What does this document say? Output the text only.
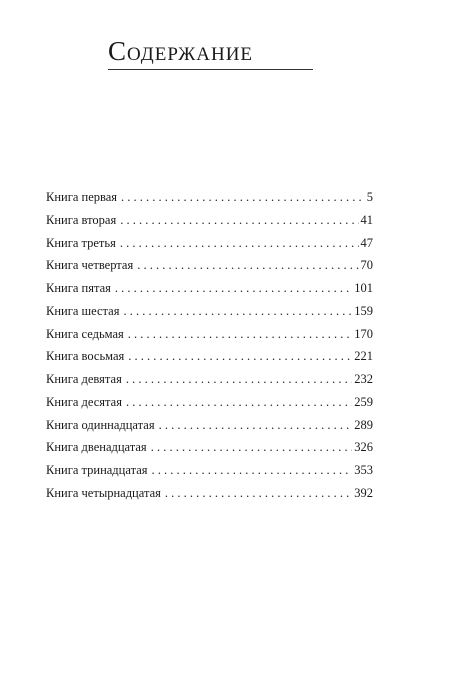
Содержание
Книга первая . . .	5
Книга вторая . . .	41
Книга третья . . .	47
Книга четвертая . . .	70
Книга пятая . . .	101
Книга шестая . . .	159
Книга седьмая . . .	170
Книга восьмая . . .	221
Книга девятая . . .	232
Книга десятая . . .	259
Книга одиннадцатая . . .	289
Книга двенадцатая . . .	326
Книга тринадцатая . . .	353
Книга четырнадцатая . . .	392
